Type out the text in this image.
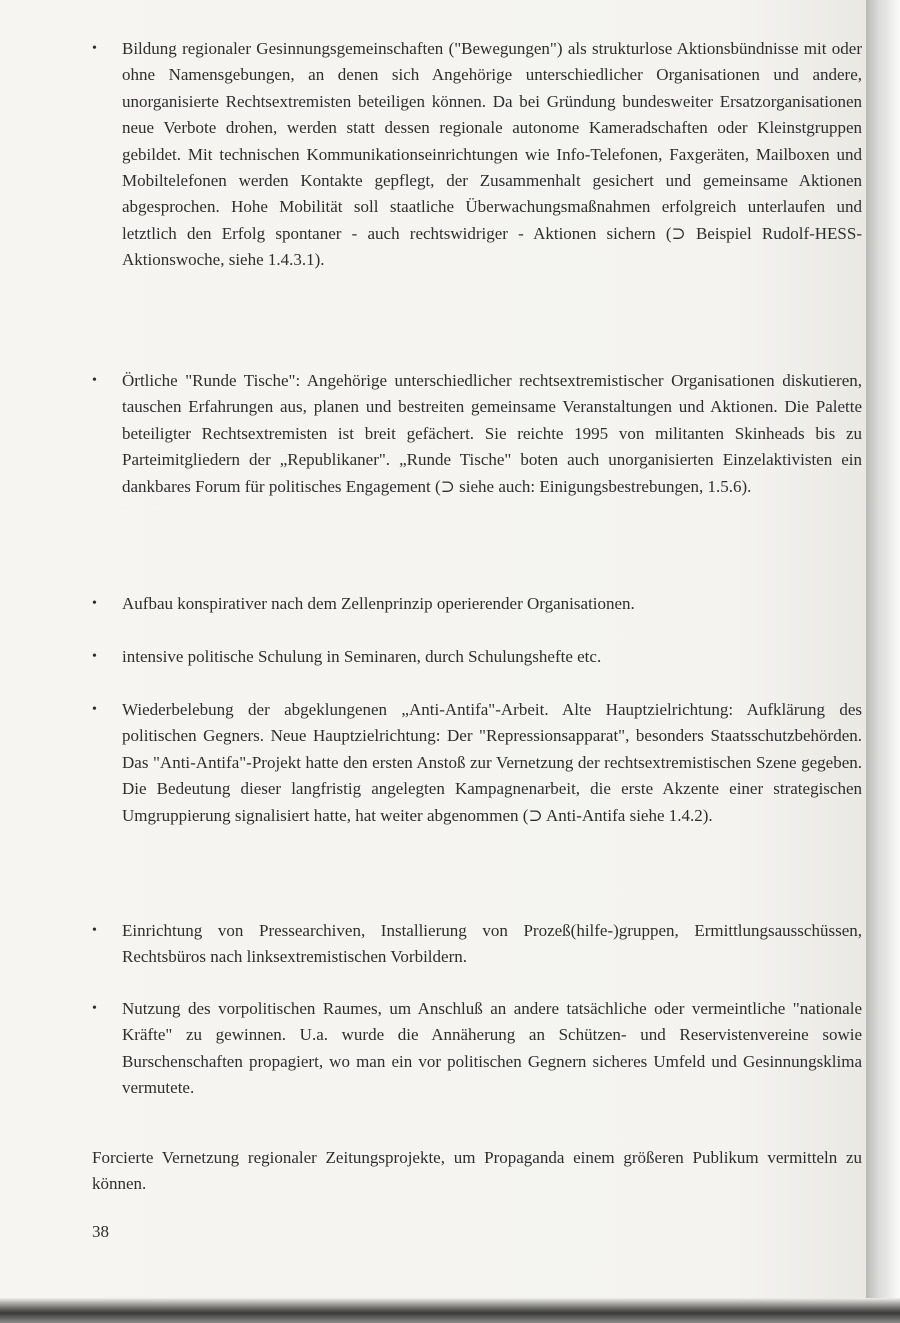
• Bildung regionaler Gesinnungsgemeinschaften ("Bewegungen") als strukturlose Aktionsbündnisse mit oder ohne Namensgebungen, an denen sich Angehörige unterschiedlicher Organisationen und andere, unorganisierte Rechtsextremisten beteiligen können. Da bei Gründung bundesweiter Ersatzorganisationen neue Verbote drohen, werden statt dessen regionale autonome Kameradschaften oder Kleinstgruppen gebildet. Mit technischen Kommunikationseinrichtungen wie Info-Telefonen, Faxgeräten, Mailboxen und Mobiltelefonen werden Kontakte gepflegt, der Zusammenhalt gesichert und gemeinsame Aktionen abgesprochen. Hohe Mobilität soll staatliche Überwachungsmaßnahmen erfolgreich unterlaufen und letztlich den Erfolg spontaner - auch rechtswidriger - Aktionen sichern (⊃ Beispiel Rudolf-HESS-Aktionswoche, siehe 1.4.3.1).
• Örtliche "Runde Tische": Angehörige unterschiedlicher rechtsextremistischer Organisationen diskutieren, tauschen Erfahrungen aus, planen und bestreiten gemeinsame Veranstaltungen und Aktionen. Die Palette beteiligter Rechtsextremisten ist breit gefächert. Sie reichte 1995 von militanten Skinheads bis zu Parteimitgliedern der „Republikaner". „Runde Tische" boten auch unorganisierten Einzelaktivisten ein dankbares Forum für politisches Engagement (⊃ siehe auch: Einigungsbestrebungen, 1.5.6).
• Aufbau konspirativer nach dem Zellenprinzip operierender Organisationen.
• intensive politische Schulung in Seminaren, durch Schulungshefte etc.
• Wiederbelebung der abgeklungenen „Anti-Antifa"-Arbeit. Alte Hauptzielrichtung: Aufklärung des politischen Gegners. Neue Hauptzielrichtung: Der "Repressionsapparat", besonders Staatsschutzbehörden. Das "Anti-Antifa"-Projekt hatte den ersten Anstoß zur Vernetzung der rechtsextremistischen Szene gegeben. Die Bedeutung dieser langfristig angelegten Kampagnenarbeit, die erste Akzente einer strategischen Umgruppierung signalisiert hatte, hat weiter abgenommen (⊃ Anti-Antifa siehe 1.4.2).
• Einrichtung von Pressearchiven, Installierung von Prozeß(hilfe-)gruppen, Ermittlungsausschüssen, Rechtsbüros nach linksextremistischen Vorbildern.
• Nutzung des vorpolitischen Raumes, um Anschluß an andere tatsächliche oder vermeintliche "nationale Kräfte" zu gewinnen. U.a. wurde die Annäherung an Schützen- und Reservistenvereine sowie Burschenschaften propagiert, wo man ein vor politischen Gegnern sicheres Umfeld und Gesinnungsklima vermutete.

Forcierte Vernetzung regionaler Zeitungsprojekte, um Propaganda einem größeren Publikum vermitteln zu können.

38
